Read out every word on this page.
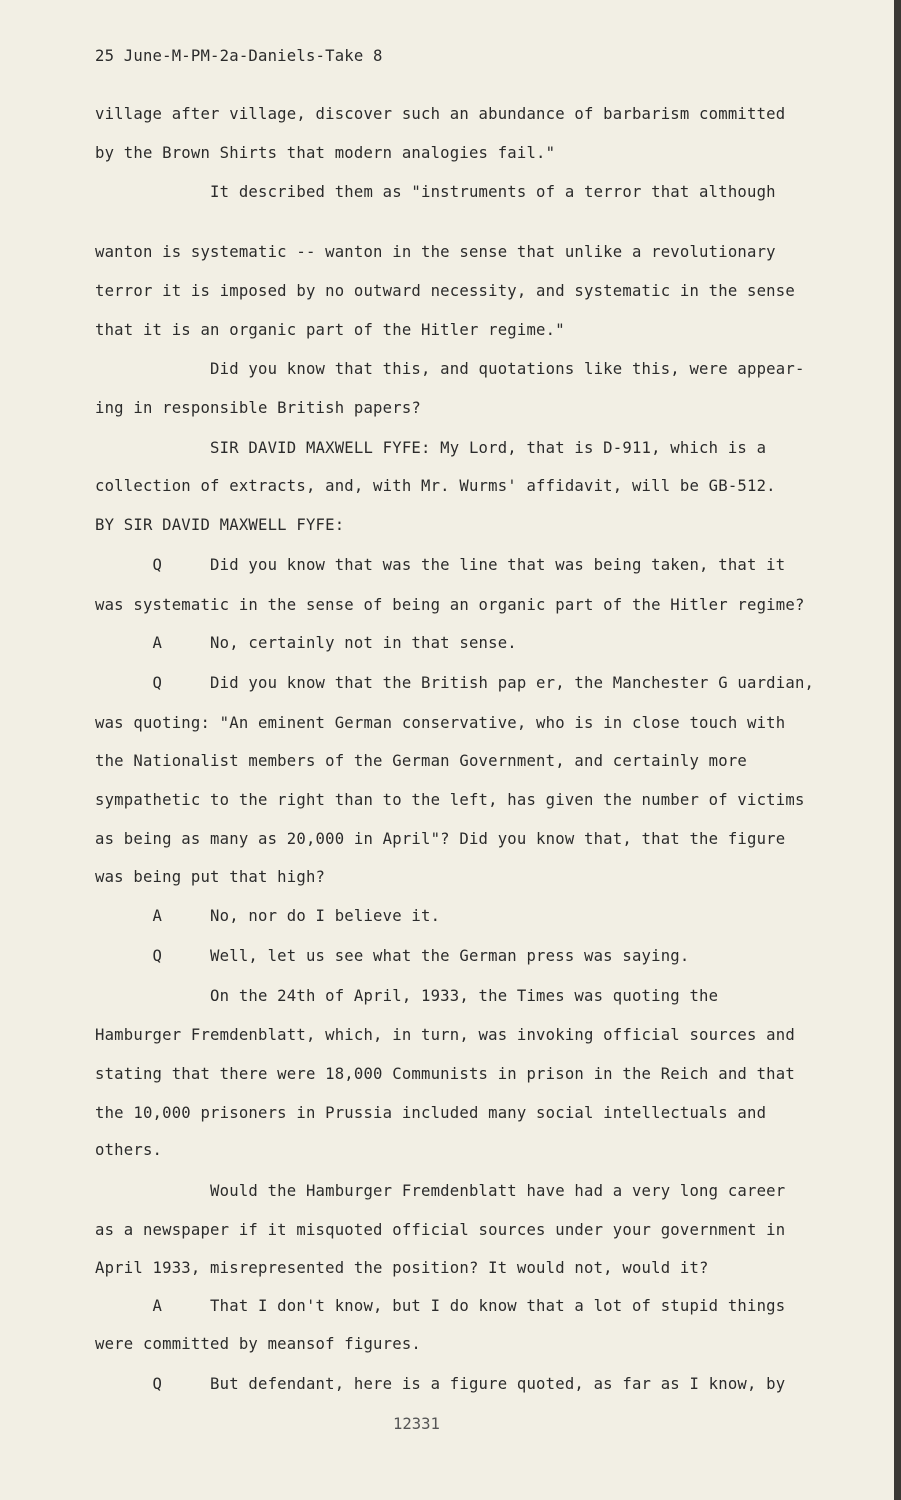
25 June-M-PM-2a-Daniels-Take 8
village after village, discover such an abundance of barbarism committed
by the Brown Shirts that modern analogies fail."
It described them as "instruments of a terror that although
wanton is systematic -- wanton in the sense that unlike a revolutionary
terror it is imposed by no outward necessity, and systematic in the sense
that it is an organic part of the Hitler regime."
Did you know that this, and quotations like this, were appear-
ing in responsible British papers?
SIR DAVID MAXWELL FYFE: My Lord, that is D-911, which is a
collection of extracts, and, with Mr. Wurms' affidavit, will be GB-512.
BY SIR DAVID MAXWELL FYFE:
Q     Did you know that was the line that was being taken, that it
was systematic in the sense of being an organic part of the Hitler regime?
A     No, certainly not in that sense.
Q     Did you know that the British pap er, the Manchester G uardian,
was quoting: "An eminent German conservative, who is in close touch with
the Nationalist members of the German Government, and certainly more
sympathetic to the right than to the left, has given the number of victims
as being as many as 20,000 in April"? Did you know that, that the figure
was being put that high?
A     No, nor do I believe it.
Q     Well, let us see what the German press was saying.
On the 24th of April, 1933, the Times was quoting the
Hamburger Fremdenblatt, which, in turn, was invoking official sources and
stating that there were 18,000 Communists in prison in the Reich and that
the 10,000 prisoners in Prussia included many social intellectuals and
others.
Would the Hamburger Fremdenblatt have had a very long career
as a newspaper if it misquoted official sources under your government in
April 1933, misrepresented the position? It would not, would it?
A     That I don't know, but I do know that a lot of stupid things
were committed by meansof figures.
Q     But defendant, here is a figure quoted, as far as I know, by
12331
